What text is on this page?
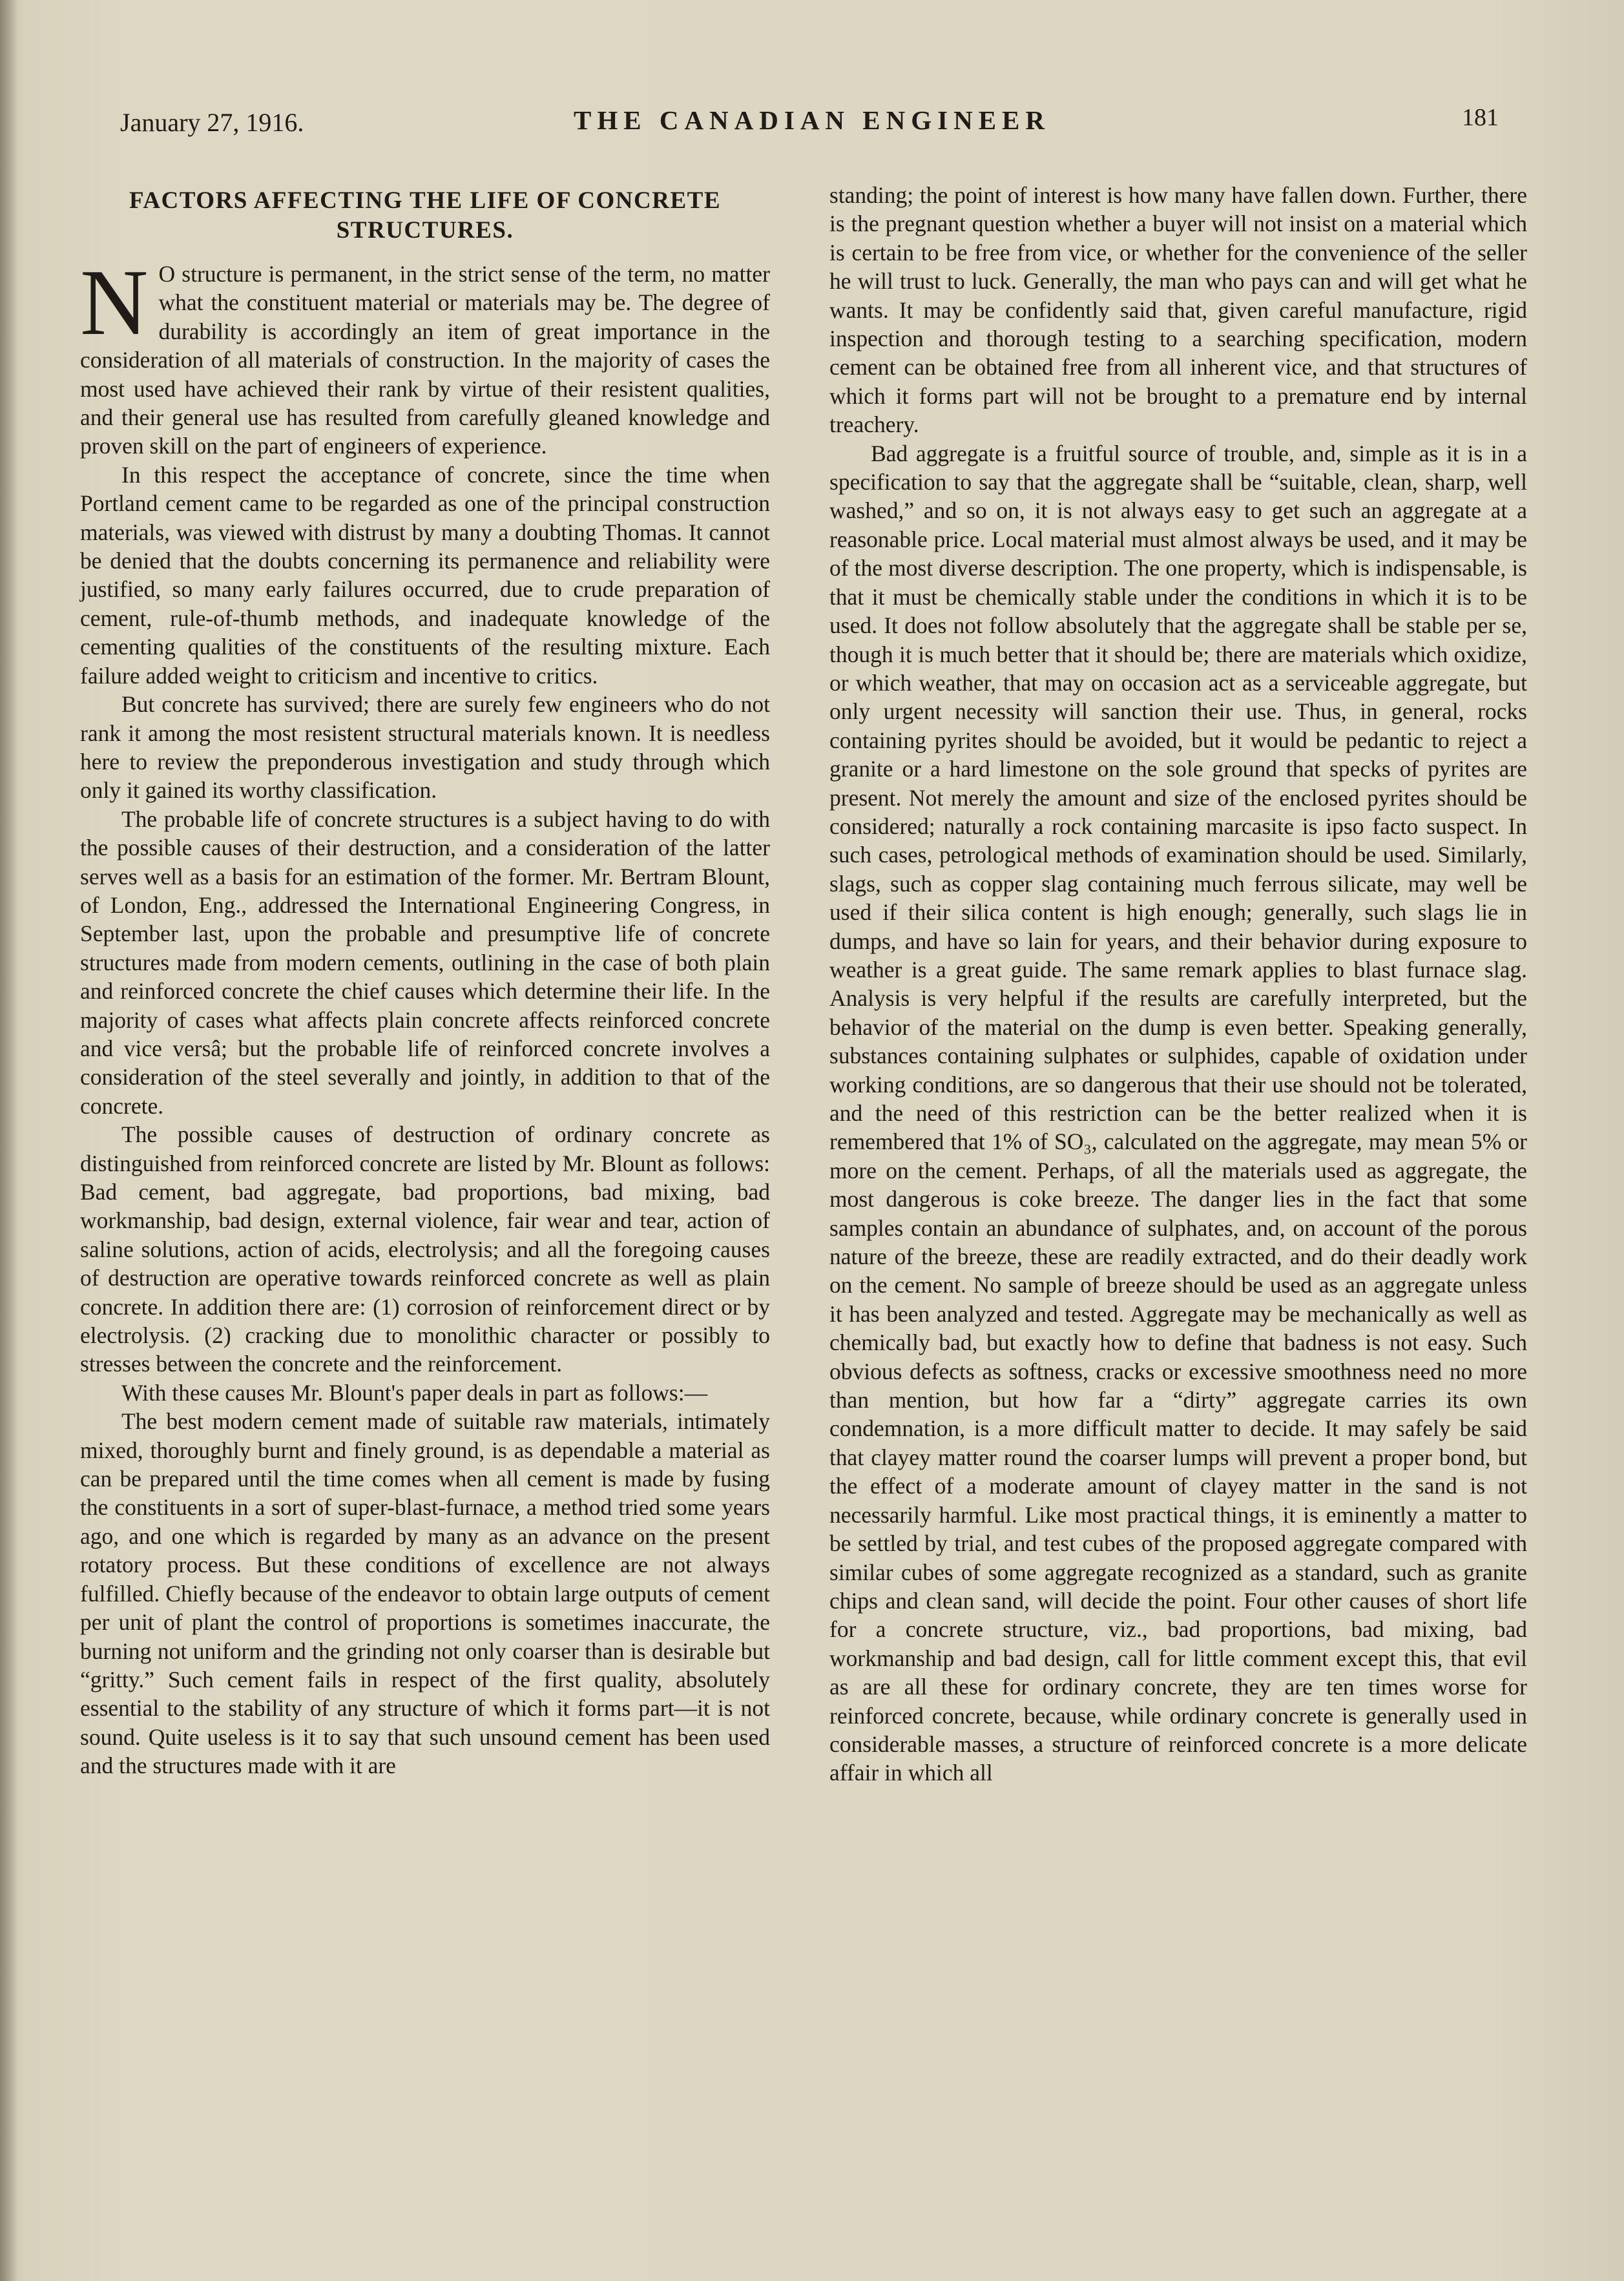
January 27, 1916.	THE CANADIAN ENGINEER	181
FACTORS AFFECTING THE LIFE OF CONCRETE
STRUCTURES.

N O structure is permanent, in the strict sense of the term, no matter what the constituent material or materials may be. The degree of durability is accordingly an item of great importance in the consideration of all materials of construction. In the majority of cases the most used have achieved their rank by virtue of their resistent qualities, and their general use has resulted from carefully gleaned knowledge and proven skill on the part of engineers of experience.

In this respect the acceptance of concrete, since the time when Portland cement came to be regarded as one of the principal construction materials, was viewed with distrust by many a doubting Thomas. It cannot be denied that the doubts concerning its permanence and reliability were justified, so many early failures occurred, due to crude preparation of cement, rule-of-thumb methods, and inadequate knowledge of the cementing qualities of the constituents of the resulting mixture. Each failure added weight to criticism and incentive to critics.

But concrete has survived; there are surely few engineers who do not rank it among the most resistent structural materials known. It is needless here to review the preponderous investigation and study through which only it gained its worthy classification.

The probable life of concrete structures is a subject having to do with the possible causes of their destruction, and a consideration of the latter serves well as a basis for an estimation of the former. Mr. Bertram Blount, of London, Eng., addressed the International Engineering Congress, in September last, upon the probable and presumptive life of concrete structures made from modern cements, outlining in the case of both plain and reinforced concrete the chief causes which determine their life. In the majority of cases what affects plain concrete affects reinforced concrete and vice versâ; but the probable life of reinforced concrete involves a consideration of the steel severally and jointly, in addition to that of the concrete.

The possible causes of destruction of ordinary concrete as distinguished from reinforced concrete are listed by Mr. Blount as follows: Bad cement, bad aggregate, bad proportions, bad mixing, bad workmanship, bad design, external violence, fair wear and tear, action of saline solutions, action of acids, electrolysis; and all the foregoing causes of destruction are operative towards reinforced concrete as well as plain concrete. In addition there are: (1) corrosion of reinforcement direct or by electrolysis. (2) cracking due to monolithic character or possibly to stresses between the concrete and the reinforcement.

With these causes Mr. Blount's paper deals in part as follows:—

The best modern cement made of suitable raw materials, intimately mixed, thoroughly burnt and finely ground, is as dependable a material as can be prepared until the time comes when all cement is made by fusing the constituents in a sort of super-blast-furnace, a method tried some years ago, and one which is regarded by many as an advance on the present rotatory process. But these conditions of excellence are not always fulfilled. Chiefly because of the endeavor to obtain large outputs of cement per unit of plant the control of proportions is sometimes inaccurate, the burning not uniform and the grinding not only coarser than is desirable but “gritty.” Such cement fails in respect of the first quality, absolutely essential to the stability of any structure of which it forms part—it is not sound. Quite useless is it to say that such unsound cement has been used and the structures made with it are

standing; the point of interest is how many have fallen down. Further, there is the pregnant question whether a buyer will not insist on a material which is certain to be free from vice, or whether for the convenience of the seller he will trust to luck. Generally, the man who pays can and will get what he wants. It may be confidently said that, given careful manufacture, rigid inspection and thorough testing to a searching specification, modern cement can be obtained free from all inherent vice, and that structures of which it forms part will not be brought to a premature end by internal treachery.

Bad aggregate is a fruitful source of trouble, and, simple as it is in a specification to say that the aggregate shall be “suitable, clean, sharp, well washed,” and so on, it is not always easy to get such an aggregate at a reasonable price. Local material must almost always be used, and it may be of the most diverse description. The one property, which is indispensable, is that it must be chemically stable under the conditions in which it is to be used. It does not follow absolutely that the aggregate shall be stable per se, though it is much better that it should be; there are materials which oxidize, or which weather, that may on occasion act as a serviceable aggregate, but only urgent necessity will sanction their use. Thus, in general, rocks containing pyrites should be avoided, but it would be pedantic to reject a granite or a hard limestone on the sole ground that specks of pyrites are present. Not merely the amount and size of the enclosed pyrites should be considered; naturally a rock containing marcasite is ipso facto suspect. In such cases, petrological methods of examination should be used. Similarly, slags, such as copper slag containing much ferrous silicate, may well be used if their silica content is high enough; generally, such slags lie in dumps, and have so lain for years, and their behavior during exposure to weather is a great guide. The same remark applies to blast furnace slag. Analysis is very helpful if the results are carefully interpreted, but the behavior of the material on the dump is even better. Speaking generally, substances containing sulphates or sulphides, capable of oxidation under working conditions, are so dangerous that their use should not be tolerated, and the need of this restriction can be the better realized when it is remembered that 1% of SO₃, calculated on the aggregate, may mean 5% or more on the cement. Perhaps, of all the materials used as aggregate, the most dangerous is coke breeze. The danger lies in the fact that some samples contain an abundance of sulphates, and, on account of the porous nature of the breeze, these are readily extracted, and do their deadly work on the cement. No sample of breeze should be used as an aggregate unless it has been analyzed and tested. Aggregate may be mechanically as well as chemically bad, but exactly how to define that badness is not easy. Such obvious defects as softness, cracks or excessive smoothness need no more than mention, but how far a “dirty” aggregate carries its own condemnation, is a more difficult matter to decide. It may safely be said that clayey matter round the coarser lumps will prevent a proper bond, but the effect of a moderate amount of clayey matter in the sand is not necessarily harmful. Like most practical things, it is eminently a matter to be settled by trial, and test cubes of the proposed aggregate compared with similar cubes of some aggregate recognized as a standard, such as granite chips and clean sand, will decide the point. Four other causes of short life for a concrete structure, viz., bad proportions, bad mixing, bad workmanship and bad design, call for little comment except this, that evil as are all these for ordinary concrete, they are ten times worse for reinforced concrete, because, while ordinary concrete is generally used in considerable masses, a structure of reinforced concrete is a more delicate affair in which all
